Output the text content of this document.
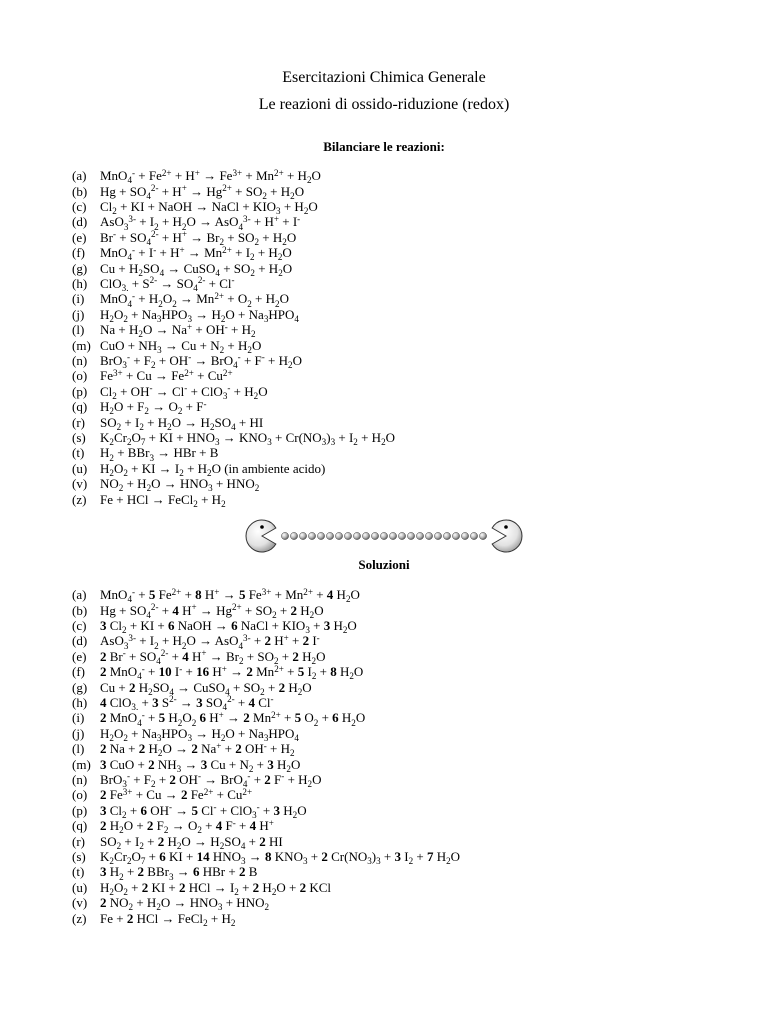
Esercitazioni Chimica Generale
Le reazioni di ossido-riduzione (redox)
Bilanciare le reazioni:
(a)	$MnO_4^- + Fe^{2+} + H^+ \to Fe^{3+} + Mn^{2+} + H_2O$
(b) $Hg + SO_4^{2-} + H^+ \to Hg^{2+} + SO_2 + H_2O$
(c)	$Cl_2$ + KI + NaOH → NaCl + $KIO_3 + H_2O$
(d) $AsO_3^{3-} + I_2 + H_2O \to AsO_4^{3-} + H^+ + I^-$
(e)	$Br^- + SO_4^{2-} + H^+ \to Br_2 + SO_2 + H_2O$
(f)	$MnO_4^- + I^- + H^+ \to Mn^{2+} + I_2 + H_2O$
(g) $Cu + H_2SO_4$ → CuSO$_4$ + $SO_2 + H_2O$
(h) $ClO_{3.} + S^{2-} \to SO_4^{2-} + Cl^-$
(i)	$MnO_4^- + H_2O_2 \to Mn^{2+} + O_2 + H_2O$
(j)	$H_2O_2 + Na_3HPO_3 \to H_2O + Na_3HPO_4$
(l)	$Na + H_2O \to Na^+ + OH^- + H_2$
(m) CuO + $NH_3 \to Cu + N_2 + H_2O$
(n) $BrO_3^- + F_2 + OH^- \to BrO_4^- + F^- + H_2O$
(o) $Fe^{3+} + Cu \to Fe^{2+} + Cu^{2+}$
(p) $Cl_2 + OH^- \to Cl^- + ClO_3^- + H_2O$
(q) $H_2O + F_2 \to O_2 + F^-$
(r)	$SO_2 + I_2 + H_2O \to H_2SO_4$ + HI
(s)	$K_2Cr_2O_7$ + KI + $HNO_3 \to KNO_3 + Cr(NO_3)_3 + I_2 + H_2O$
(t)	$H_2 + BBr_3$ → HBr + B
(u) $H_2O_2$ + KI → $I_2 + H_2O$ (in ambiente acido)
(v) $NO_2 + H_2O \to HNO_3 + HNO_2$
(z)	Fe + HCl → FeCl$_2$ + $H_2$
Soluzioni
(a)	MnO$_4$- + 5 $Fe^{2+} + 8$ H+ → 5 $Fe^{3+} + Mn^{2+} + 4$ $H_2O$
(b) $Hg + SO_4^{2-} + 4$ $H^+ \to Hg^{2+} + SO_2 + 2$ $H_2O$
(c)	3 $Cl_2$ + KI + 6 NaOH → 6 NaCl + $KIO_3 + 3$ $H_2O$
(d) $AsO_3^{3-} + I_2 + H_2O \to AsO_4^{3-} + 2$ H+ + 2 I-
(e)	2 $Br^- + SO_4^{2-} + 4$ $H^+ \to Br_2 + SO_2 + 2$ $H_2O$
(f)	2 MnO$_4$- + 10 I- + 16 H+ → 2 $Mn^{2+} + 5$ $I_2 + 8$ $H_2O$
(g) Cu + 2 $H_2SO_4$ → CuSO$_4$ + $SO_2 + 2$ $H_2O$
(h) 4 ClO$_{3.}$ + 3 $S^{2-} \to 3$ $SO_4^{2-} + 4$ Cl-
(i)	2 MnO$_4$- + 5 $H_2O_2$ 6 H+ → 2 $Mn^{2+} + 5$ $O_2 + 6$ $H_2O$
(j)	$H_2O_2 + Na_3HPO_3 \to H_2O + Na_3HPO_4$
(l)	2 Na + 2 $H_2O \to 2$ Na+ + 2 $OH^- + H_2$
(m) 3 CuO + 2 $NH_3 \to 3$ $Cu + N_2 + 3$ $H_2O$
(n) $BrO_3^- + F_2 + 2$ OH- → BrO$_4$- + 2 $F^- + H_2O$
(o) 2 $Fe^{3+} + Cu \to 2$ $Fe^{2+} + Cu^{2+}$
(p) 3 $Cl_2 + 6$ OH- → 5 Cl- + ClO$_3$- + 3 $H_2O$
(q) 2 $H_2O + 2$ $F_2 \to O_2 + 4$ F- + 4 H+
(r)	$SO_2 + I_2 + 2$ $H_2O \to H_2SO_4 + 2$ HI
(s)	$K_2Cr_2O_7 + 6$ KI + 14 $HNO_3 \to 8$ $KNO_3 + 2$ $Cr(NO_3)_3 + 3$ $I_2 + 7$ $H_2O$
(t)	3 $H_2 + 2$ BBr$_3$ → 6 HBr + 2 B
(u) $H_2O_2 + 2$ KI + 2 HCl → $I_2 + 2$ $H_2O + 2$ KCl
(v) 2 $NO_2 + H_2O \to HNO_3 + HNO_2$
(z)	Fe + 2 HCl → FeCl$_2$ + $H_2$
